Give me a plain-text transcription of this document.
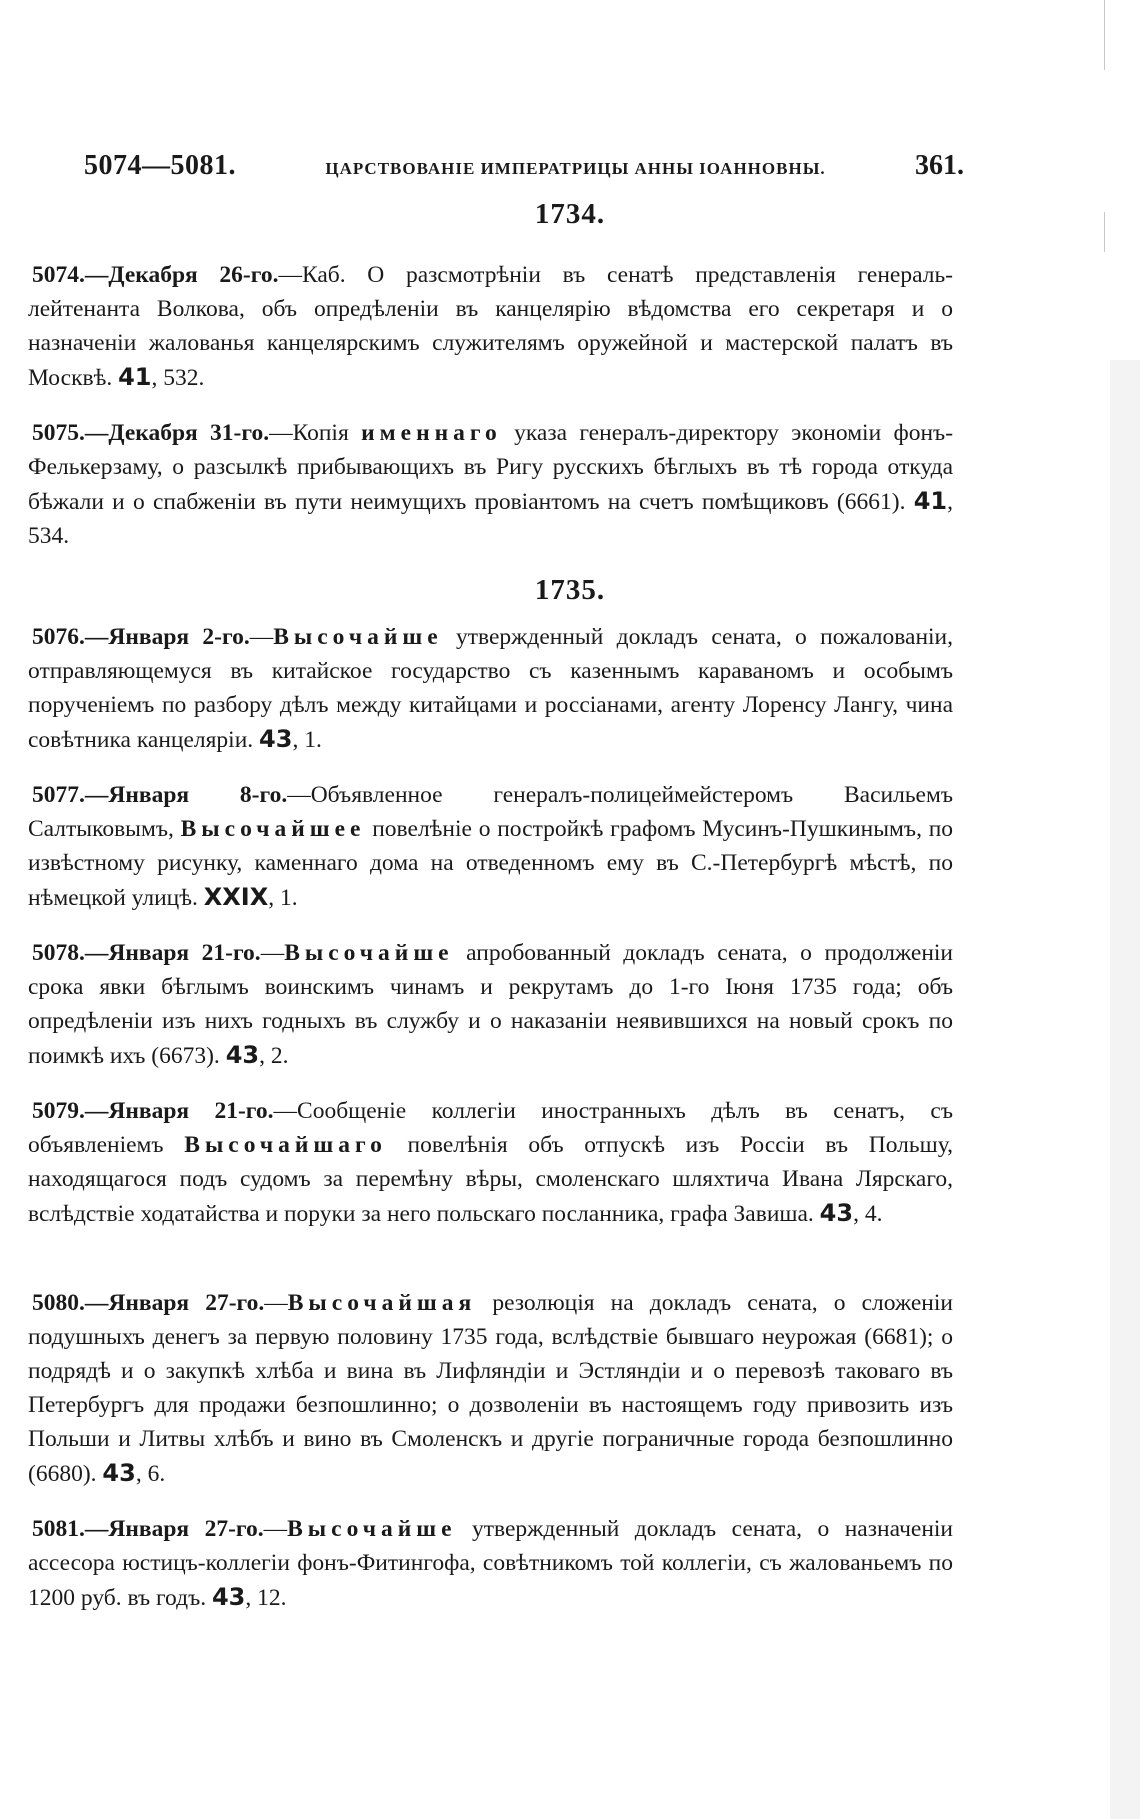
5074—5081.	ЦАРСТВОВАНІЕ ИМПЕРАТРИЦЫ АННЫ ІОАННОВНЫ.	361.
1734.
5074.—Декабря 26-го.—Каб. О разсмотрѣніи въ сенатѣ представленія генераль-лейтенанта Волкова, объ опредѣленіи въ канцелярію вѣдомства его секретаря и о назначеніи жалованья канцелярскимъ служителямъ оружейной и мастерской палатъ въ Москвѣ. 41, 532.
5075.—Декабря 31-го.—Копія именнаго указа генералъ-директору экономіи фонъ-Фелькерзаму, о разсылкѣ прибывающихъ въ Ригу русскихъ бѣглыхъ въ тѣ города откуда бѣжали и о спабженіи въ пути неимущихъ провіантомъ на счетъ помѣщиковъ (6661). 41, 534.
1735.
5076.—Января 2-го.—Высочайше утвержденный докладъ сената, о пожалованіи, отправляющемуся въ китайское государство съ казеннымъ караваномъ и особымъ порученіемъ по разбору дѣлъ между китайцами и россіанами, агенту Лоренсу Лангу, чина совѣтника канцеляріи. 43, 1.
5077.—Января 8-го.—Объявленное генералъ-полицеймейстеромъ Васильемъ Салтыковымъ, Высочайшее повелѣніе о постройкѣ графомъ Мусинъ-Пушкинымъ, по извѣстному рисунку, каменнаго дома на отведенномъ ему въ С.-Петербургѣ мѣстѣ, по нѣмецкой улицѣ. XXIX, 1.
5078.—Января 21-го.—Высочайше апробованный докладъ сената, о продолженіи срока явки бѣглымъ воинскимъ чинамъ и рекрутамъ до 1-го Іюня 1735 года; объ опредѣленіи изъ нихъ годныхъ въ службу и о наказаніи неявившихся на новый срокъ по поимкѣ ихъ (6673). 43, 2.
5079.—Января 21-го.—Сообщеніе коллегіи иностранныхъ дѣлъ въ сенатъ, съ объявленіемъ Высочайшаго повелѣнія объ отпускѣ изъ Россіи въ Польшу, находящагося подъ судомъ за перемѣну вѣры, смоленскаго шляхтича Ивана Лярскаго, вслѣдствіе ходатайства и поруки за него польскаго посланника, графа Завиша. 43, 4.
5080.—Января 27-го.—Высочайшая резолюція на докладъ сената, о сложеніи подушныхъ денегъ за первую половину 1735 года, вслѣдствіе бывшаго неурожая (6681); о подрядѣ и о закупкѣ хлѣба и вина въ Лифляндіи и Эстляндіи и о перевозѣ таковаго въ Петербургъ для продажи безпошлинно; о дозволеніи въ настоящемъ году привозить изъ Польши и Литвы хлѣбъ и вино въ Смоленскъ и другіе пограничные города безпошлинно (6680). 43, 6.
5081.—Января 27-го.—Высочайше утвержденный докладъ сената, о назначеніи ассесора юстицъ-коллегіи фонъ-Фитингофа, совѣтникомъ той коллегіи, съ жалованьемъ по 1200 руб. въ годъ. 43, 12.
